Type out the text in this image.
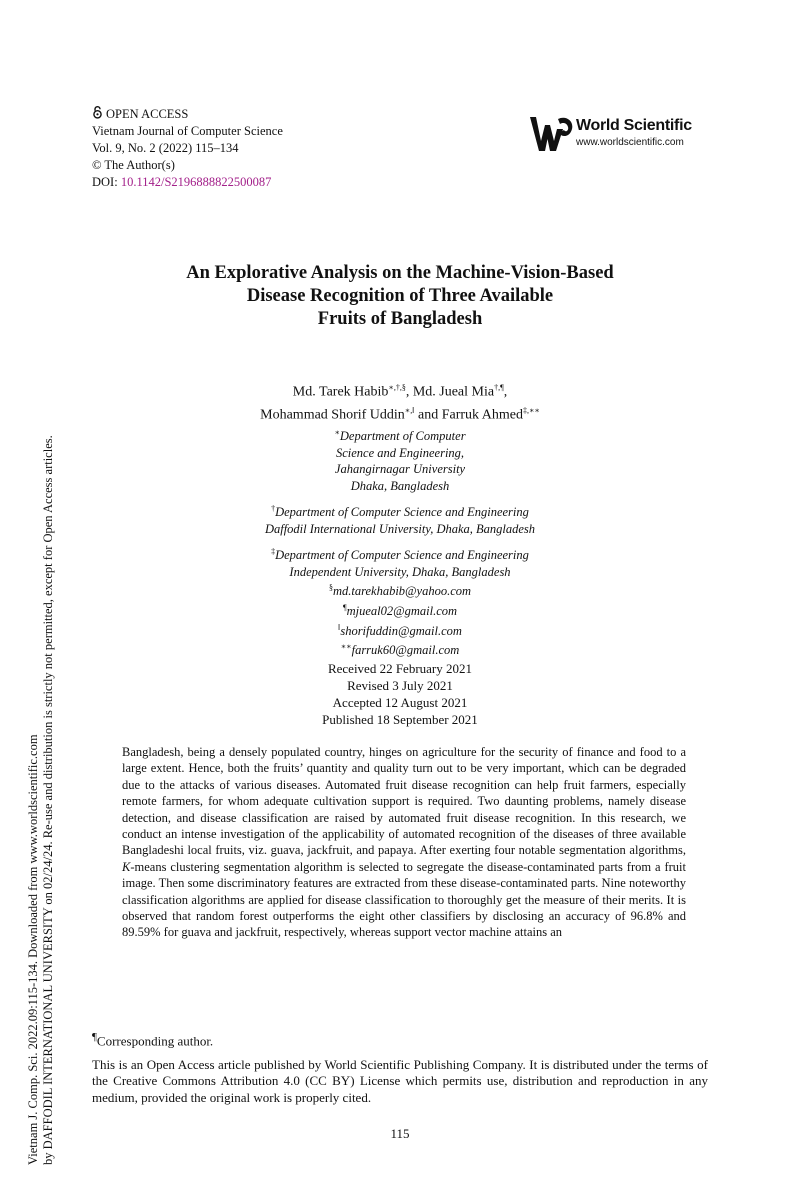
Vietnam J. Comp. Sci. 2022.09:115-134. Downloaded from www.worldscientific.com by DAFFODIL INTERNATIONAL UNIVERSITY on 02/24/24. Re-use and distribution is strictly not permitted, except for Open Access articles.
OPEN ACCESS
Vietnam Journal of Computer Science
Vol. 9, No. 2 (2022) 115–134
© The Author(s)
DOI: 10.1142/S2196888822500087
World Scientific
www.worldscientific.com
An Explorative Analysis on the Machine-Vision-Based
Disease Recognition of Three Available
Fruits of Bangladesh
Md. Tarek Habib∗,†,§, Md. Jueal Mia†,¶,
Mohammad Shorif Uddin∗,‖ and Farruk Ahmed‡,∗∗
∗Department of Computer
Science and Engineering,
Jahangirnagar University
Dhaka, Bangladesh
†Department of Computer Science and Engineering
Daffodil International University, Dhaka, Bangladesh
‡Department of Computer Science and Engineering
Independent University, Dhaka, Bangladesh
§md.tarekhabib@yahoo.com
¶mjueal02@gmail.com
‖shorifuddin@gmail.com
∗∗farruk60@gmail.com
Received 22 February 2021
Revised 3 July 2021
Accepted 12 August 2021
Published 18 September 2021
Bangladesh, being a densely populated country, hinges on agriculture for the security of finance and food to a large extent. Hence, both the fruits’ quantity and quality turn out to be very important, which can be degraded due to the attacks of various diseases. Automated fruit disease recognition can help fruit farmers, especially remote farmers, for whom adequate cultivation support is required. Two daunting problems, namely disease detection, and disease classification are raised by automated fruit disease recognition. In this research, we conduct an intense investigation of the applicability of automated recognition of the diseases of three available Bangladeshi local fruits, viz. guava, jackfruit, and papaya. After exerting four notable segmentation algorithms, K-means clustering segmentation algorithm is selected to segregate the disease-contaminated parts from a fruit image. Then some discriminatory features are extracted from these disease-contaminated parts. Nine noteworthy classification algorithms are applied for disease classification to thoroughly get the measure of their merits. It is observed that random forest outperforms the eight other classifiers by disclosing an accuracy of 96.8% and 89.59% for guava and jackfruit, respectively, whereas support vector machine attains an

¶Corresponding author.

This is an Open Access article published by World Scientific Publishing Company. It is distributed under the terms of the Creative Commons Attribution 4.0 (CC BY) License which permits use, distribution and reproduction in any medium, provided the original work is properly cited.

115
